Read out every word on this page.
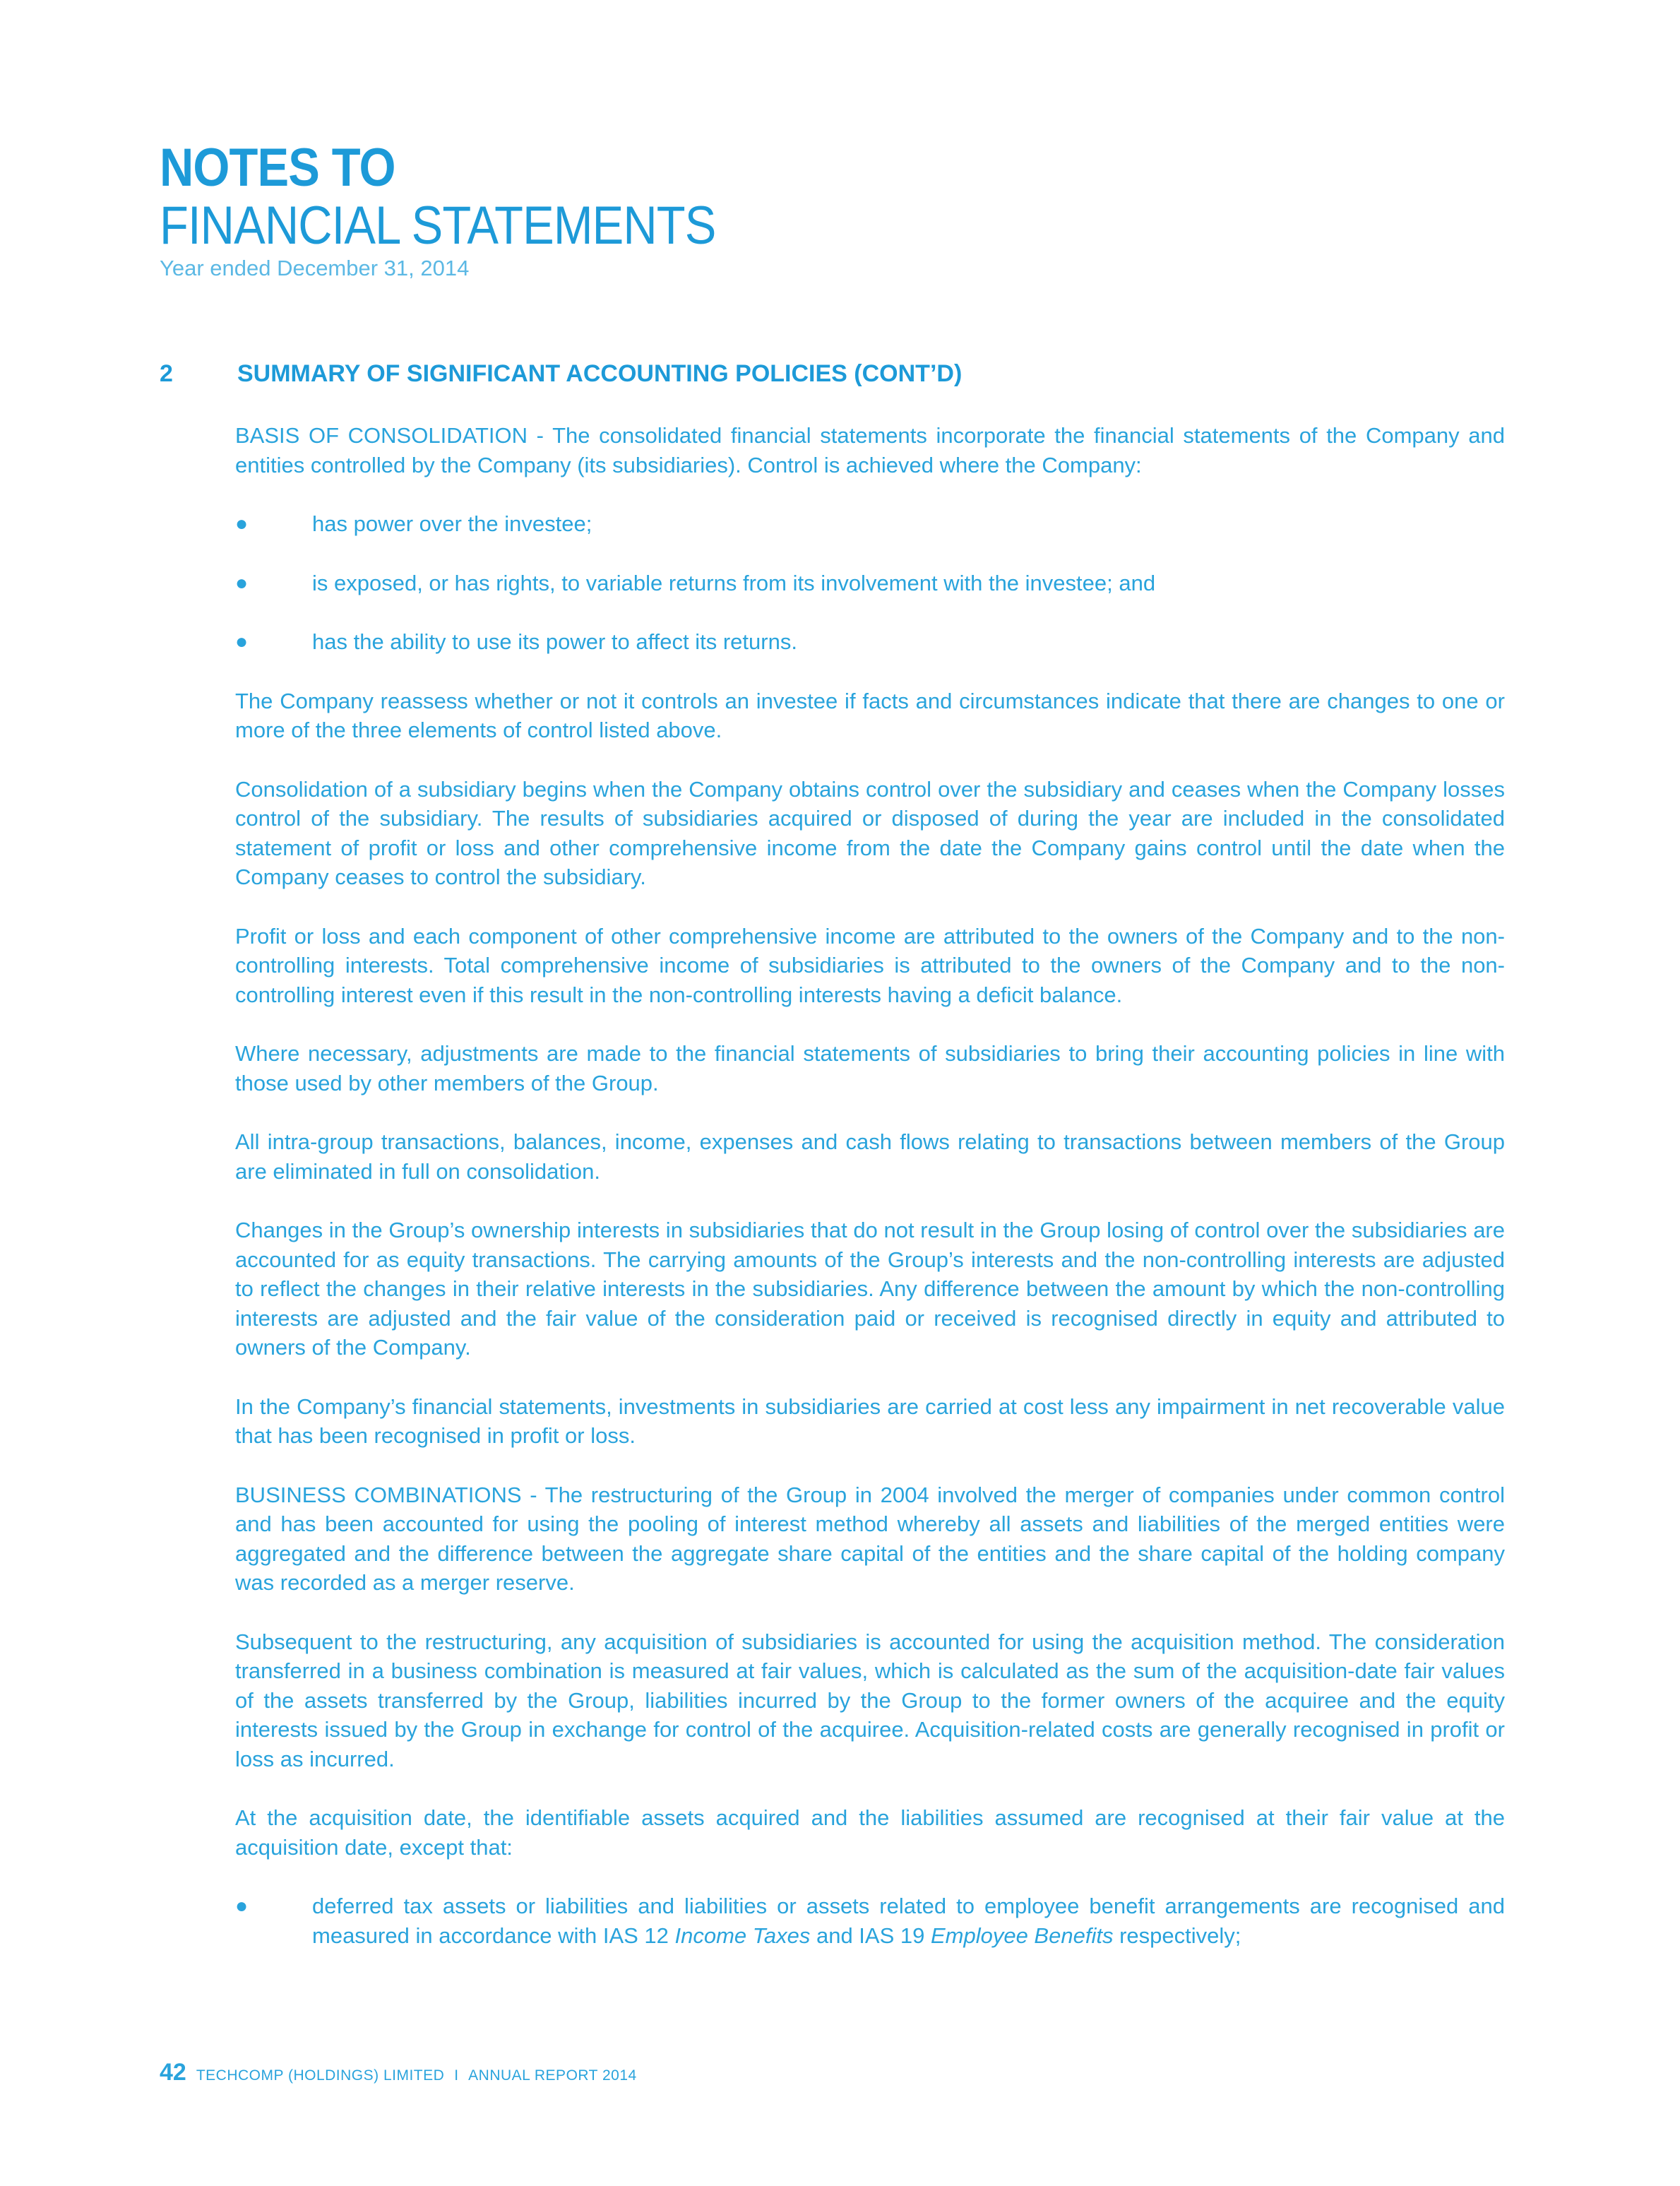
NOTES TO
FINANCIAL STATEMENTS
Year ended December 31, 2014
2	SUMMARY OF SIGNIFICANT ACCOUNTING POLICIES (CONT’D)

BASIS OF CONSOLIDATION - The consolidated financial statements incorporate the financial statements of the Company and entities controlled by the Company (its subsidiaries). Control is achieved where the Company:

●	has power over the investee;
●	is exposed, or has rights, to variable returns from its involvement with the investee; and
●	has the ability to use its power to affect its returns.

The Company reassess whether or not it controls an investee if facts and circumstances indicate that there are changes to one or more of the three elements of control listed above.

Consolidation of a subsidiary begins when the Company obtains control over the subsidiary and ceases when the Company losses control of the subsidiary. The results of subsidiaries acquired or disposed of during the year are included in the consolidated statement of profit or loss and other comprehensive income from the date the Company gains control until the date when the Company ceases to control the subsidiary.

Profit or loss and each component of other comprehensive income are attributed to the owners of the Company and to the non-controlling interests. Total comprehensive income of subsidiaries is attributed to the owners of the Company and to the non-controlling interest even if this result in the non-controlling interests having a deficit balance.

Where necessary, adjustments are made to the financial statements of subsidiaries to bring their accounting policies in line with those used by other members of the Group.

All intra-group transactions, balances, income, expenses and cash flows relating to transactions between members of the Group are eliminated in full on consolidation.

Changes in the Group’s ownership interests in subsidiaries that do not result in the Group losing of control over the subsidiaries are accounted for as equity transactions. The carrying amounts of the Group’s interests and the non-controlling interests are adjusted to reflect the changes in their relative interests in the subsidiaries. Any difference between the amount by which the non-controlling interests are adjusted and the fair value of the consideration paid or received is recognised directly in equity and attributed to owners of the Company.

In the Company’s financial statements, investments in subsidiaries are carried at cost less any impairment in net recoverable value that has been recognised in profit or loss.

BUSINESS COMBINATIONS - The restructuring of the Group in 2004 involved the merger of companies under common control and has been accounted for using the pooling of interest method whereby all assets and liabilities of the merged entities were aggregated and the difference between the aggregate share capital of the entities and the share capital of the holding company was recorded as a merger reserve.

Subsequent to the restructuring, any acquisition of subsidiaries is accounted for using the acquisition method. The consideration transferred in a business combination is measured at fair values, which is calculated as the sum of the acquisition-date fair values of the assets transferred by the Group, liabilities incurred by the Group to the former owners of the acquiree and the equity interests issued by the Group in exchange for control of the acquiree. Acquisition-related costs are generally recognised in profit or loss as incurred.

At the acquisition date, the identifiable assets acquired and the liabilities assumed are recognised at their fair value at the acquisition date, except that:

●	deferred tax assets or liabilities and liabilities or assets related to employee benefit arrangements are recognised and measured in accordance with IAS 12 Income Taxes and IAS 19 Employee Benefits respectively;
42 TECHCOMP (HOLDINGS) LIMITED I ANNUAL REPORT 2014
